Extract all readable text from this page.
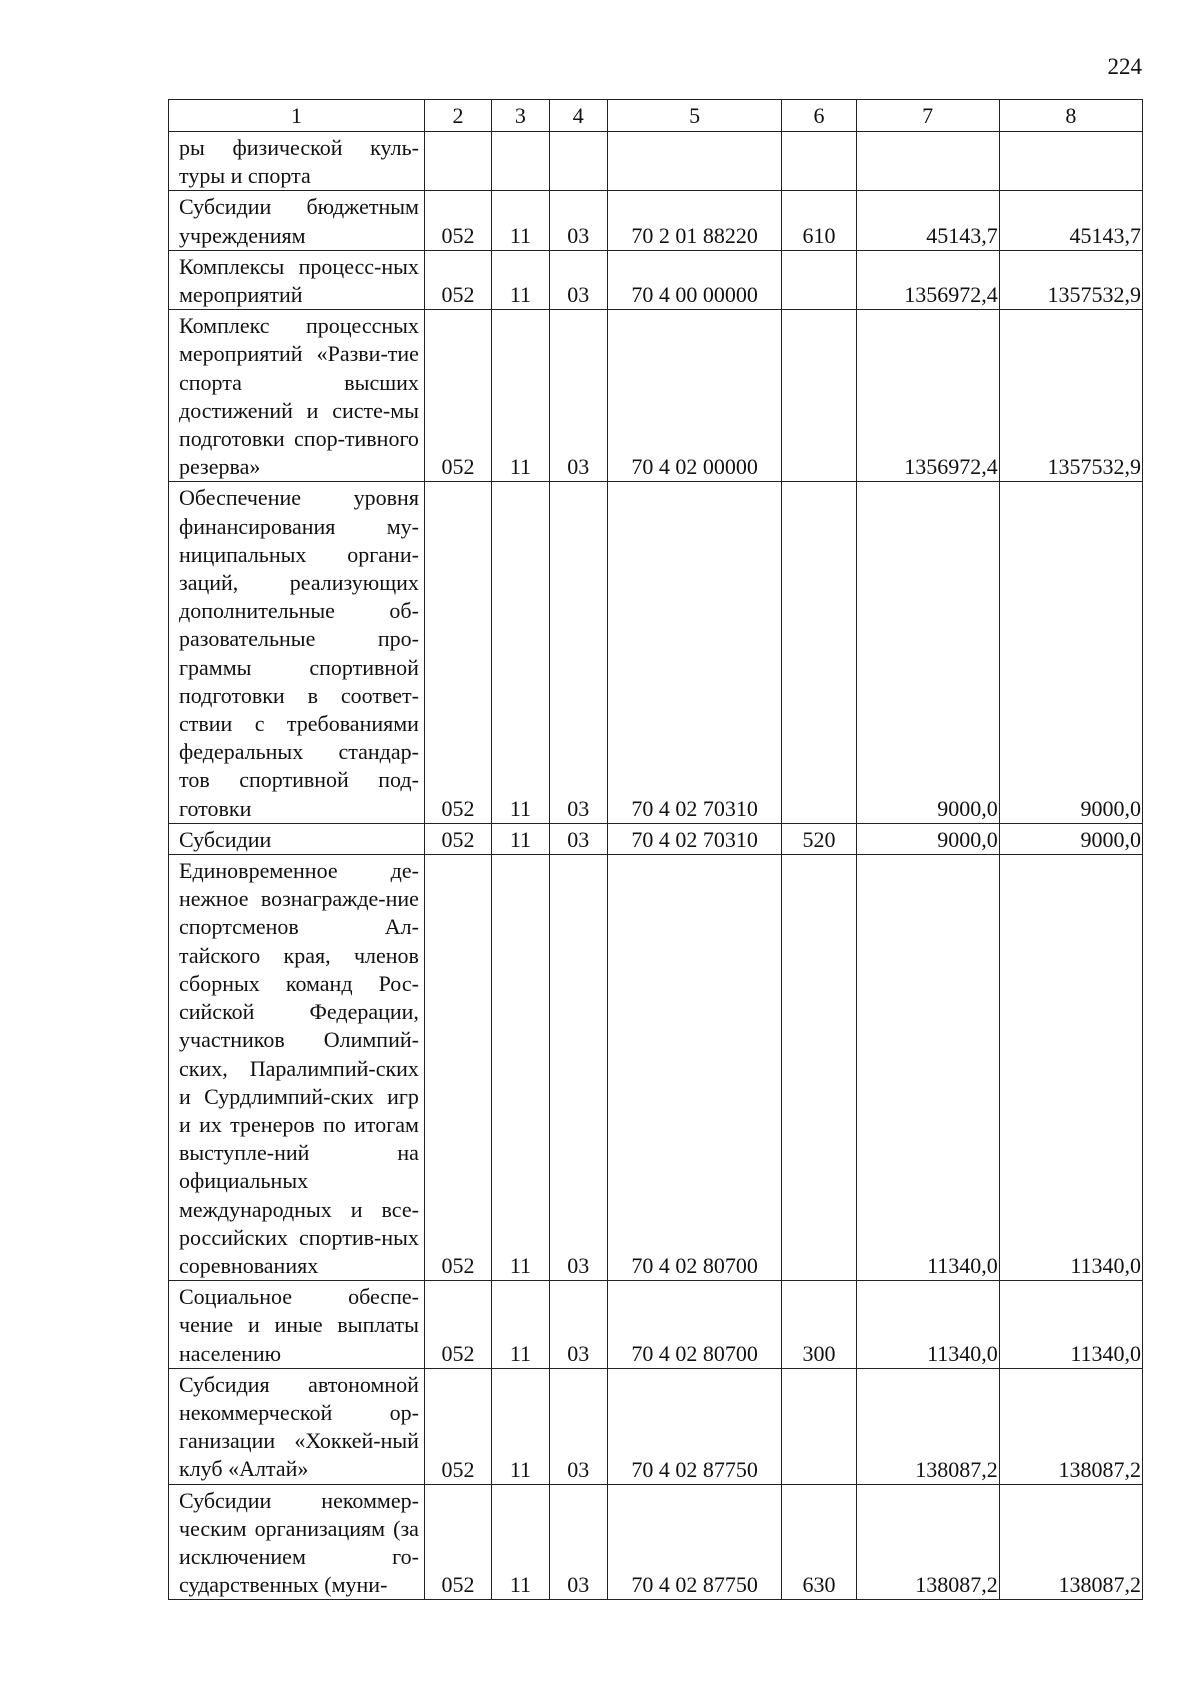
224
1	2	3	4	5	6	7	8
ры физической куль-туры и спорта							
Субсидии бюджетным учреждениям	052	11	03	70 2 01 88220	610	45143,7	45143,7
Комплексы процесс-ных мероприятий	052	11	03	70 4 00 00000		1356972,4	1357532,9
Комплекс процессных мероприятий «Разви-тие спорта высших достижений и систе-мы подготовки спор-тивного резерва»	052	11	03	70 4 02 00000		1356972,4	1357532,9
Обеспечение уровня финансирования му-ниципальных органи-заций, реализующих дополнительные об-разовательные про-граммы спортивной подготовки в соответ-ствии с требованиями федеральных стандар-тов спортивной под-готовки	052	11	03	70 4 02 70310		9000,0	9000,0
Субсидии	052	11	03	70 4 02 70310	520	9000,0	9000,0
Единовременное де-нежное вознагражде-ние спортсменов Ал-тайского края, членов сборных команд Рос-сийской Федерации, участников Олимпий-ских, Паралимпий-ских и Сурдлимпий-ских игр и их тренеров по итогам выступле-ний на официальных международных и все-российских спортив-ных соревнованиях	052	11	03	70 4 02 80700		11340,0	11340,0
Социальное обеспе-чение и иные выплаты населению	052	11	03	70 4 02 80700	300	11340,0	11340,0
Субсидия автономной некоммерческой ор-ганизации «Хоккей-ный клуб «Алтай»	052	11	03	70 4 02 87750		138087,2	138087,2
Субсидии некоммер-ческим организациям (за исключением го-сударственных (муни-	052	11	03	70 4 02 87750	630	138087,2	138087,2
